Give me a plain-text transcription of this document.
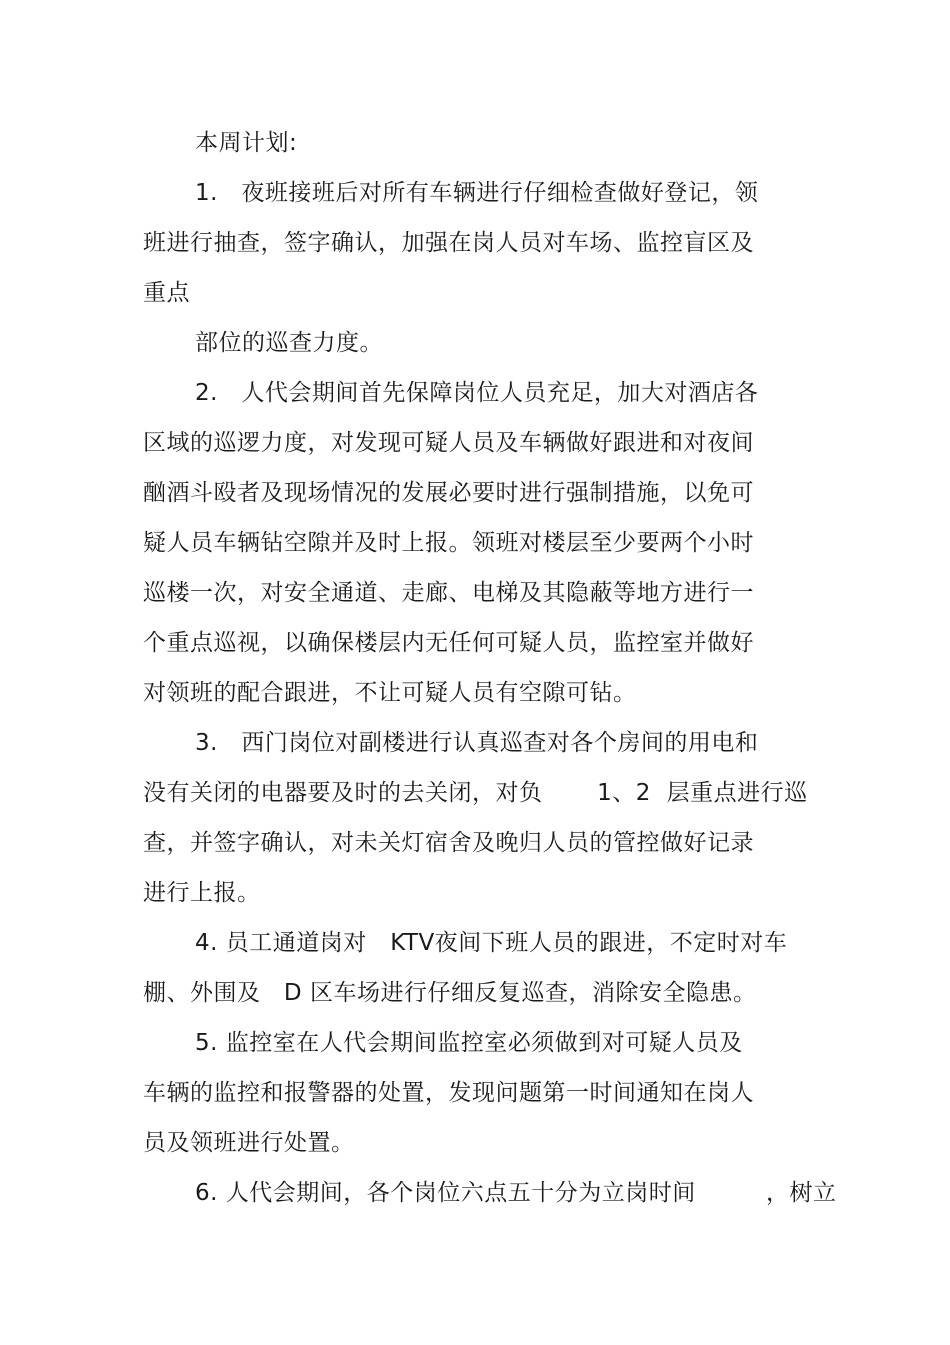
本周计划:
1.   夜班接班后对所有车辆进行仔细检查做好登记，领
班进行抽查，签字确认，加强在岗人员对车场、监控盲区及
重点
部位的巡查力度。
2.   人代会期间首先保障岗位人员充足，加大对酒店各
区域的巡逻力度，对发现可疑人员及车辆做好跟进和对夜间
酗酒斗殴者及现场情况的发展必要时进行强制措施，以免可
疑人员车辆钻空隙并及时上报。领班对楼层至少要两个小时
巡楼一次，对安全通道、走廊、电梯及其隐蔽等地方进行一
个重点巡视，以确保楼层内无任何可疑人员，监控室并做好
对领班的配合跟进，不让可疑人员有空隙可钻。
3.   西门岗位对副楼进行认真巡查对各个房间的用电和
没有关闭的电器要及时的去关闭，对负       1、2  层重点进行巡
查，并签字确认，对未关灯宿舍及晚归人员的管控做好记录
进行上报。
4. 员工通道岗对   KTV夜间下班人员的跟进，不定时对车
棚、外围及   D 区车场进行仔细反复巡查，消除安全隐患。
5. 监控室在人代会期间监控室必须做到对可疑人员及
车辆的监控和报警器的处置，发现问题第一时间通知在岗人
员及领班进行处置。
6. 人代会期间，各个岗位六点五十分为立岗时间         ，树立
